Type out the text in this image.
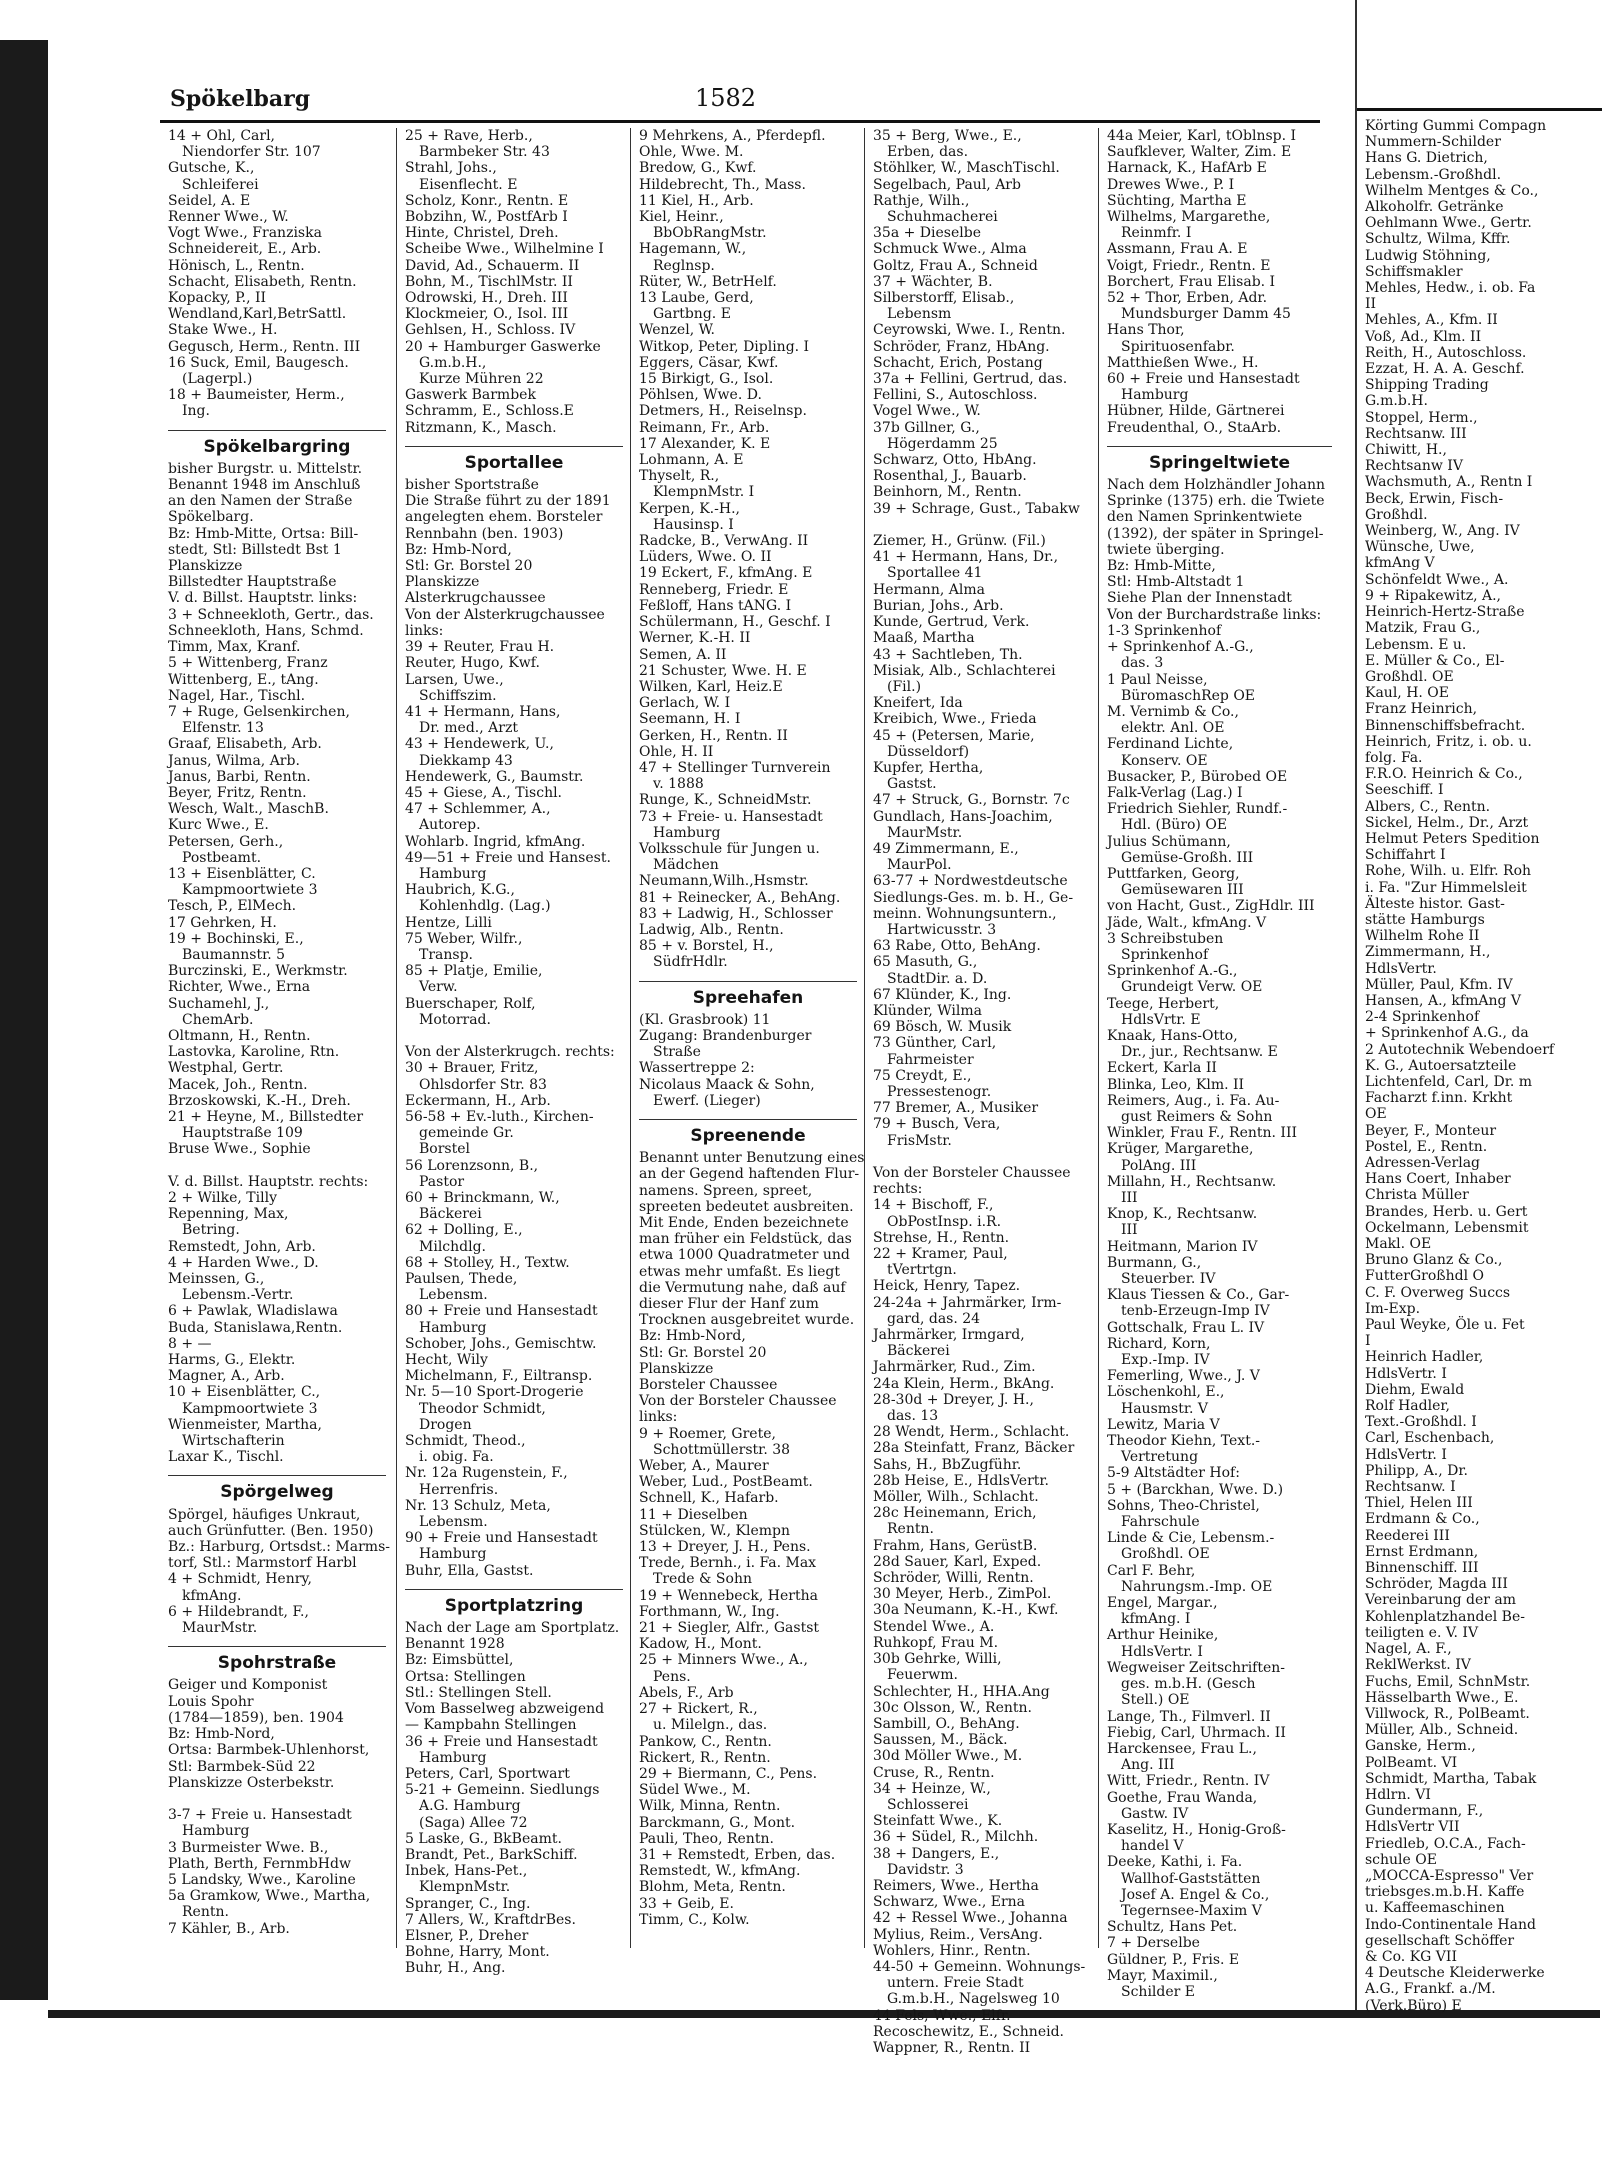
Spökelbarg	1582
14 + Ohl, Carl,
Niendorfer Str. 107
Gutsche, K.,
Schleiferei
Seidel, A. E
Renner Wwe., W.
Vogt Wwe., Franziska
Schneidereit, E., Arb.
Hönisch, L., Rentn.
Schacht, Elisabeth, Rentn.
Kopacky, P., II
Wendland,Karl,BetrSattl.
Stake Wwe., H.
Gegusch, Herm., Rentn. III
16 Suck, Emil, Baugesch.
(Lagerpl.)
18 + Baumeister, Herm.,
Ing.
Spökelbargring
bisher Burgstr. u. Mittelstr.
Benannt 1948 im Anschluß
an den Namen der Straße
Spökelbarg.
Bz: Hmb-Mitte, Ortsa: Bill-
stedt, Stl: Billstedt Bst 1
Planskizze
Billstedter Hauptstraße
V. d. Billst. Hauptstr. links:
3 + Schneekloth, Gertr., das.
Schneekloth, Hans, Schmd.
Timm, Max, Kranf.
5 + Wittenberg, Franz
Wittenberg, E., tAng.
Nagel, Har., Tischl.
7 + Ruge, Gelsenkirchen,
Elfenstr. 13
Graaf, Elisabeth, Arb.
Janus, Wilma, Arb.
Janus, Barbi, Rentn.
Beyer, Fritz, Rentn.
Wesch, Walt., MaschB.
Kurc Wwe., E.
Petersen, Gerh.,
Postbeamt.
13 + Eisenblätter, C.
Kampmoortwiete 3
Tesch, P., ElMech.
17 Gehrken, H.
19 + Bochinski, E.,
Baumannstr. 5
Burczinski, E., Werkmstr.
Richter, Wwe., Erna
Suchamehl, J.,
ChemArb.
Oltmann, H., Rentn.
Lastovka, Karoline, Rtn.
Westphal, Gertr.
Macek, Joh., Rentn.
Brzoskowski, K.-H., Dreh.
21 + Heyne, M., Billstedter
Hauptstraße 109
Bruse Wwe., Sophie

V. d. Billst. Hauptstr. rechts:
2 + Wilke, Tilly
Repenning, Max,
Betring.
Remstedt, John, Arb.
4 + Harden Wwe., D.
Meinssen, G.,
Lebensm.-Vertr.
6 + Pawlak, Wladislawa
Buda, Stanislawa,Rentn.
8 + —
Harms, G., Elektr.
Magner, A., Arb.
10 + Eisenblätter, C.,
Kampmoortwiete 3
Wienmeister, Martha,
Wirtschafterin
Laxar K., Tischl.
Spörgelweg
Spörgel, häufiges Unkraut,
auch Grünfutter. (Ben. 1950)
Bz.: Harburg, Ortsdst.: Marms-
torf, Stl.: Marmstorf Harbl
4 + Schmidt, Henry,
kfmAng.
6 + Hildebrandt, F.,
MaurMstr.
Spohrstraße
Geiger und Komponist
Louis Spohr
(1784—1859), ben. 1904
Bz: Hmb-Nord,
Ortsa: Barmbek-Uhlenhorst,
Stl: Barmbek-Süd 22
Planskizze Osterbekstr.

3-7 + Freie u. Hansestadt
Hamburg
3 Burmeister Wwe. B.,
Plath, Berth, FernmbHdw
5 Landsky, Wwe., Karoline
5a Gramkow, Wwe., Martha,
Rentn.
7 Kähler, B., Arb.
25 + Rave, Herb.,
Barmbeker Str. 43
Strahl, Johs.,
Eisenflecht. E
Scholz, Konr., Rentn. E
Bobzihn, W., PostfArb I
Hinte, Christel, Dreh.
Scheibe Wwe., Wilhelmine I
David, Ad., Schauerm. II
Bohn, M., TischlMstr. II
Odrowski, H., Dreh. III
Klockmeier, O., Isol. III
Gehlsen, H., Schloss. IV
20 + Hamburger Gaswerke
G.m.b.H.,
Kurze Mühren 22
Gaswerk Barmbek
Schramm, E., Schloss.E
Ritzmann, K., Masch.
Sportallee
bisher Sportstraße
Die Straße führt zu der 1891
angelegten ehem. Borsteler
Rennbahn (ben. 1903)
Bz: Hmb-Nord,
Stl: Gr. Borstel 20
Planskizze
Alsterkrugchaussee
Von der Alsterkrugchaussee
links:
39 + Reuter, Frau H.
Reuter, Hugo, Kwf.
Larsen, Uwe.,
Schiffszim.
41 + Hermann, Hans,
Dr. med., Arzt
43 + Hendewerk, U.,
Diekkamp 43
Hendewerk, G., Baumstr.
45 + Giese, A., Tischl.
47 + Schlemmer, A.,
Autorep.
Wohlarb. Ingrid, kfmAng.
49—51 + Freie und Hansest.
Hamburg
Haubrich, K.G.,
Kohlenhdlg. (Lag.)
Hentze, Lilli
75 Weber, Wilfr.,
Transp.
85 + Platje, Emilie,
Verw.
Buerschaper, Rolf,
Motorrad.

Von der Alsterkrugch. rechts:
30 + Brauer, Fritz,
Ohlsdorfer Str. 83
Eckermann, H., Arb.
56-58 + Ev.-luth., Kirchen-
gemeinde Gr.
Borstel
56 Lorenzsonn, B.,
Pastor
60 + Brinckmann, W.,
Bäckerei
62 + Dolling, E.,
Milchdlg.
68 + Stolley, H., Textw.
Paulsen, Thede,
Lebensm.
80 + Freie und Hansestadt
Hamburg
Schober, Johs., Gemischtw.
Hecht, Wily
Michelmann, F., Eiltransp.
Nr. 5—10 Sport-Drogerie
Theodor Schmidt,
Drogen
Schmidt, Theod.,
i. obig. Fa.
Nr. 12a Rugenstein, F.,
Herrenfris.
Nr. 13 Schulz, Meta,
Lebensm.
90 + Freie und Hansestadt
Hamburg
Buhr, Ella, Gastst.
Sportplatzring
Nach der Lage am Sportplatz.
Benannt 1928
Bz: Eimsbüttel,
Ortsa: Stellingen
Stl.: Stellingen Stell.
Vom Basselweg abzweigend
— Kampbahn Stellingen
36 + Freie und Hansestadt
Hamburg
Peters, Carl, Sportwart
5-21 + Gemeinn. Siedlungs
A.G. Hamburg
(Saga) Allee 72
5 Laske, G., BkBeamt.
Brandt, Pet., BarkSchiff.
Inbek, Hans-Pet.,
KlempnMstr.
Spranger, C., Ing.
7 Allers, W., KraftdrBes.
Elsner, P., Dreher
Bohne, Harry, Mont.
Buhr, H., Ang.
9 Mehrkens, A., Pferdepfl.
Ohle, Wwe. M.
Bredow, G., Kwf.
Hildebrecht, Th., Mass.
11 Kiel, H., Arb.
Kiel, Heinr.,
BbObRangMstr.
Hagemann, W.,
Reglnsp.
Rüter, W., BetrHelf.
13 Laube, Gerd,
Gartbng. E
Wenzel, W.
Witkop, Peter, Dipling. I
Eggers, Cäsar, Kwf.
15 Birkigt, G., Isol.
Pöhlsen, Wwe. D.
Detmers, H., Reiselnsp.
Reimann, Fr., Arb.
17 Alexander, K. E
Lohmann, A. E
Thyselt, R.,
KlempnMstr. I
Kerpen, K.-H.,
Hausinsp. I
Radcke, B., VerwAng. II
Lüders, Wwe. O. II
19 Eckert, F., kfmAng. E
Renneberg, Friedr. E
Feßloff, Hans tANG. I
Schülermann, H., Geschf. I
Werner, K.-H. II
Semen, A. II
21 Schuster, Wwe. H. E
Wilken, Karl, Heiz.E
Gerlach, W. I
Seemann, H. I
Gerken, H., Rentn. II
Ohle, H. II
47 + Stellinger Turnverein
v. 1888
Runge, K., SchneidMstr.
73 + Freie- u. Hansestadt
Hamburg
Volksschule für Jungen u.
Mädchen
Neumann,Wilh.,Hsmstr.
81 + Reinecker, A., BehAng.
83 + Ladwig, H., Schlosser
Ladwig, Alb., Rentn.
85 + v. Borstel, H.,
SüdfrHdlr.
Spreehafen
(Kl. Grasbrook) 11
Zugang: Brandenburger
Straße
Wassertreppe 2:
Nicolaus Maack & Sohn,
Ewerf. (Lieger)
Spreenende
Benannt unter Benutzung eines
an der Gegend haftenden Flur-
namens. Spreen, spreet,
spreeten bedeutet ausbreiten.
Mit Ende, Enden bezeichnete
man früher ein Feldstück, das
etwa 1000 Quadratmeter und
etwas mehr umfaßt. Es liegt
die Vermutung nahe, daß auf
dieser Flur der Hanf zum
Trocknen ausgebreitet wurde.
Bz: Hmb-Nord,
Stl: Gr. Borstel 20
Planskizze
Borsteler Chaussee
Von der Borsteler Chaussee
links:
9 + Roemer, Grete,
Schottmüllerstr. 38
Weber, A., Maurer
Weber, Lud., PostBeamt.
Schnell, K., Hafarb.
11 + Dieselben
Stülcken, W., Klempn
13 + Dreyer, J. H., Pens.
Trede, Bernh., i. Fa. Max
Trede & Sohn
19 + Wennebeck, Hertha
Forthmann, W., Ing.
21 + Siegler, Alfr., Gastst
Kadow, H., Mont.
25 + Minners Wwe., A.,
Pens.
Abels, F., Arb
27 + Rickert, R.,
u. Milelgn., das.
Pankow, C., Rentn.
Rickert, R., Rentn.
29 + Biermann, C., Pens.
Südel Wwe., M.
Wilk, Minna, Rentn.
Barckmann, G., Mont.
Pauli, Theo, Rentn.
31 + Remstedt, Erben, das.
Remstedt, W., kfmAng.
Blohm, Meta, Rentn.
33 + Geib, E.
Timm, C., Kolw.
35 + Berg, Wwe., E.,
Erben, das.
Stöhlker, W., MaschTischl.
Segelbach, Paul, Arb
Rathje, Wilh.,
Schuhmacherei
35a + Dieselbe
Schmuck Wwe., Alma
Goltz, Frau A., Schneid
37 + Wächter, B.
Silberstorff, Elisab.,
Lebensm
Ceyrowski, Wwe. I., Rentn.
Schröder, Franz, HbAng.
Schacht, Erich, Postang
37a + Fellini, Gertrud, das.
Fellini, S., Autoschloss.
Vogel Wwe., W.
37b Gillner, G.,
Högerdamm 25
Schwarz, Otto, HbAng.
Rosenthal, J., Bauarb.
Beinhorn, M., Rentn.
39 + Schrage, Gust., Tabakw

Ziemer, H., Grünw. (Fil.)
41 + Hermann, Hans, Dr.,
Sportallee 41
Hermann, Alma
Burian, Johs., Arb.
Kunde, Gertrud, Verk.
Maaß, Martha
43 + Sachtleben, Th.
Misiak, Alb., Schlachterei
(Fil.)
Kneifert, Ida
Kreibich, Wwe., Frieda
45 + (Petersen, Marie,
Düsseldorf)
Kupfer, Hertha,
Gastst.
47 + Struck, G., Bornstr. 7c
Gundlach, Hans-Joachim,
MaurMstr.
49 Zimmermann, E.,
MaurPol.
63-77 + Nordwestdeutsche
Siedlungs-Ges. m. b. H., Ge-
meinn. Wohnungsuntern.,
Hartwicusstr. 3
63 Rabe, Otto, BehAng.
65 Masuth, G.,
StadtDir. a. D.
67 Klünder, K., Ing.
Klünder, Wilma
69 Bösch, W. Musik
73 Günther, Carl,
Fahrmeister
75 Creydt, E.,
Pressestenogr.
77 Bremer, A., Musiker
79 + Busch, Vera,
FrisMstr.

Von der Borsteler Chaussee
rechts:
14 + Bischoff, F.,
ObPostInsp. i.R.
Strehse, H., Rentn.
22 + Kramer, Paul,
tVertrtgn.
Heick, Henry, Tapez.
24-24a + Jahrmärker, Irm-
gard, das. 24
Jahrmärker, Irmgard,
Bäckerei
Jahrmärker, Rud., Zim.
24a Klein, Herm., BkAng.
28-30d + Dreyer, J. H.,
das. 13
28 Wendt, Herm., Schlacht.
28a Steinfatt, Franz, Bäcker
Sahs, H., BbZugführ.
28b Heise, E., HdlsVertr.
Möller, Wilh., Schlacht.
28c Heinemann, Erich,
Rentn.
Frahm, Hans, GerüstB.
28d Sauer, Karl, Exped.
Schröder, Willi, Rentn.
30 Meyer, Herb., ZimPol.
30a Neumann, K.-H., Kwf.
Stendel Wwe., A.
Ruhkopf, Frau M.
30b Gehrke, Willi,
Feuerwm.
Schlechter, H., HHA.Ang
30c Olsson, W., Rentn.
Sambill, O., BehAng.
Saussen, M., Bäck.
30d Möller Wwe., M.
Cruse, R., Rentn.
34 + Heinze, W.,
Schlosserei
Steinfatt Wwe., K.
36 + Südel, R., Milchh.
38 + Dangers, E.,
Davidstr. 3
Reimers, Wwe., Hertha
Schwarz, Wwe., Erna
42 + Ressel Wwe., Johanna
Mylius, Reim., VersAng.
Wohlers, Hinr., Rentn.
44-50 + Gemeinn. Wohnungs-
untern. Freie Stadt
G.m.b.H., Nagelsweg 10
44 Fels, Wwe., Elfr.
Recoschewitz, E., Schneid.
Wappner, R., Rentn. II
44a Meier, Karl, tOblnsp. I
Saufklever, Walter, Zim. E
Harnack, K., HafArb E
Drewes Wwe., P. I
Süchting, Martha E
Wilhelms, Margarethe,
Reinmfr. I
Assmann, Frau A. E
Voigt, Friedr., Rentn. E
Borchert, Frau Elisab. I
52 + Thor, Erben, Adr.
Mundsburger Damm 45
Hans Thor,
Spirituosenfabr.
Matthießen Wwe., H.
60 + Freie und Hansestadt
Hamburg
Hübner, Hilde, Gärtnerei
Freudenthal, O., StaArb.
Springeltwiete
Nach dem Holzhändler Johann
Sprinke (1375) erh. die Twiete
den Namen Sprinkentwiete
(1392), der später in Springel-
twiete überging.
Bz: Hmb-Mitte,
Stl: Hmb-Altstadt 1
Siehe Plan der Innenstadt
Von der Burchardstraße links:
1-3 Sprinkenhof
+ Sprinkenhof A.-G.,
das. 3
1 Paul Neisse,
BüromaschRep OE
M. Vernimb & Co.,
elektr. Anl. OE
Ferdinand Lichte,
Konserv. OE
Busacker, P., Bürobed OE
Falk-Verlag (Lag.) I
Friedrich Siehler, Rundf.-
Hdl. (Büro) OE
Julius Schümann,
Gemüse-Großh. III
Puttfarken, Georg,
Gemüsewaren III
von Hacht, Gust., ZigHdlr. III
Jäde, Walt., kfmAng. V
3 Schreibstuben
Sprinkenhof
Sprinkenhof A.-G.,
Grundeigt Verw. OE
Teege, Herbert,
HdlsVrtr. E
Knaak, Hans-Otto,
Dr., jur., Rechtsanw. E
Eckert, Karla II
Blinka, Leo, Klm. II
Reimers, Aug., i. Fa. Au-
gust Reimers & Sohn
Winkler, Frau F., Rentn. III
Krüger, Margarethe,
PolAng. III
Millahn, H., Rechtsanw.
III
Knop, K., Rechtsanw.
III
Heitmann, Marion IV
Burmann, G.,
Steuerber. IV
Klaus Tiessen & Co., Gar-
tenb-Erzeugn-Imp IV
Gottschalk, Frau L. IV
Richard, Korn,
Exp.-Imp. IV
Femerling, Wwe., J. V
Löschenkohl, E.,
Hausmstr. V
Lewitz, Maria V
Theodor Kiehn, Text.-
Vertretung
5-9 Altstädter Hof:
5 + (Barckhan, Wwe. D.)
Sohns, Theo-Christel,
Fahrschule
Linde & Cie, Lebensm.-
Großhdl. OE
Carl F. Behr,
Nahrungsm.-Imp. OE
Engel, Margar.,
kfmAng. I
Arthur Heinike,
HdlsVertr. I
Wegweiser Zeitschriften-
ges. m.b.H. (Gesch
Stell.) OE
Lange, Th., Filmverl. II
Fiebig, Carl, Uhrmach. II
Harckensee, Frau L.,
Ang. III
Witt, Friedr., Rentn. IV
Goethe, Frau Wanda,
Gastw. IV
Kaselitz, H., Honig-Groß-
handel V
Deeke, Kathi, i. Fa.
Wallhof-Gaststätten
Josef A. Engel & Co.,
Tegernsee-Maxim V
Schultz, Hans Pet.
7 + Derselbe
Güldner, P., Fris. E
Mayr, Maximil.,
Schilder E
Körting Gummi Compagn
Nummern-Schilder
Hans G. Dietrich,
Lebensm.-Großhdl.
Wilhelm Mentges & Co.,
Alkoholfr. Getränke
Oehlmann Wwe., Gertr.
Schultz, Wilma, Kffr.
Ludwig Stöhning,
Schiffsmakler
Mehles, Hedw., i. ob. Fa
II
Mehles, A., Kfm. II
Voß, Ad., Klm. II
Reith, H., Autoschloss.
Ezzat, H. A. A. Geschf.
Shipping Trading
G.m.b.H.
Stoppel, Herm.,
Rechtsanw. III
Chiwitt, H.,
Rechtsanw IV
Wachsmuth, A., Rentn I
Beck, Erwin, Fisch-
Großhdl.
Weinberg, W., Ang. IV
Wünsche, Uwe,
kfmAng V
Schönfeldt Wwe., A.
9 + Ripakewitz, A.,
Heinrich-Hertz-Straße
Matzik, Frau G.,
Lebensm. E u.
E. Müller & Co., El-
Großhdl. OE
Kaul, H. OE
Franz Heinrich,
Binnenschiffsbefracht.
Heinrich, Fritz, i. ob. u.
folg. Fa.
F.R.O. Heinrich & Co.,
Seeschiff. I
Albers, C., Rentn.
Sickel, Helm., Dr., Arzt
Helmut Peters Spedition
Schiffahrt I
Rohe, Wilh. u. Elfr. Roh
i. Fa. "Zur Himmelsleit
Älteste histor. Gast-
stätte Hamburgs
Wilhelm Rohe II
Zimmermann, H.,
HdlsVertr.
Müller, Paul, Kfm. IV
Hansen, A., kfmAng V
2-4 Sprinkenhof
+ Sprinkenhof A.G., da
2 Autotechnik Webendoerf
K. G., Autoersatzteile
Lichtenfeld, Carl, Dr. m
Facharzt f.inn. Krkht
OE
Beyer, F., Monteur
Postel, E., Rentn.
Adressen-Verlag
Hans Coert, Inhaber
Christa Müller
Brandes, Herb. u. Gert
Ockelmann, Lebensmit
Makl. OE
Bruno Glanz & Co.,
FutterGroßhdl O
C. F. Overweg Succs
Im-Exp.
Paul Weyke, Öle u. Fet
I
Heinrich Hadler,
HdlsVertr. I
Diehm, Ewald
Rolf Hadler,
Text.-Großhdl. I
Carl, Eschenbach,
HdlsVertr. I
Philipp, A., Dr.
Rechtsanw. I
Thiel, Helen III
Erdmann & Co.,
Reederei III
Ernst Erdmann,
Binnenschiff. III
Schröder, Magda III
Vereinbarung der am
Kohlenplatzhandel Be-
teiligten e. V. IV
Nagel, A. F.,
ReklWerkst. IV
Fuchs, Emil, SchnMstr.
Hässelbarth Wwe., E.
Villwock, R., PolBeamt.
Müller, Alb., Schneid.
Ganske, Herm.,
PolBeamt. VI
Schmidt, Martha, Tabak
Hdlrn. VI
Gundermann, F.,
HdlsVertr VII
Friedleb, O.C.A., Fach-
schule OE
„MOCCA-Espresso" Ver
triebsges.m.b.H. Kaffe
u. Kaffeemaschinen
Indo-Continentale Hand
gesellschaft Schöffer
& Co. KG VII
4 Deutsche Kleiderwerke
A.G., Frankf. a./M.
(Verk.Büro) E
